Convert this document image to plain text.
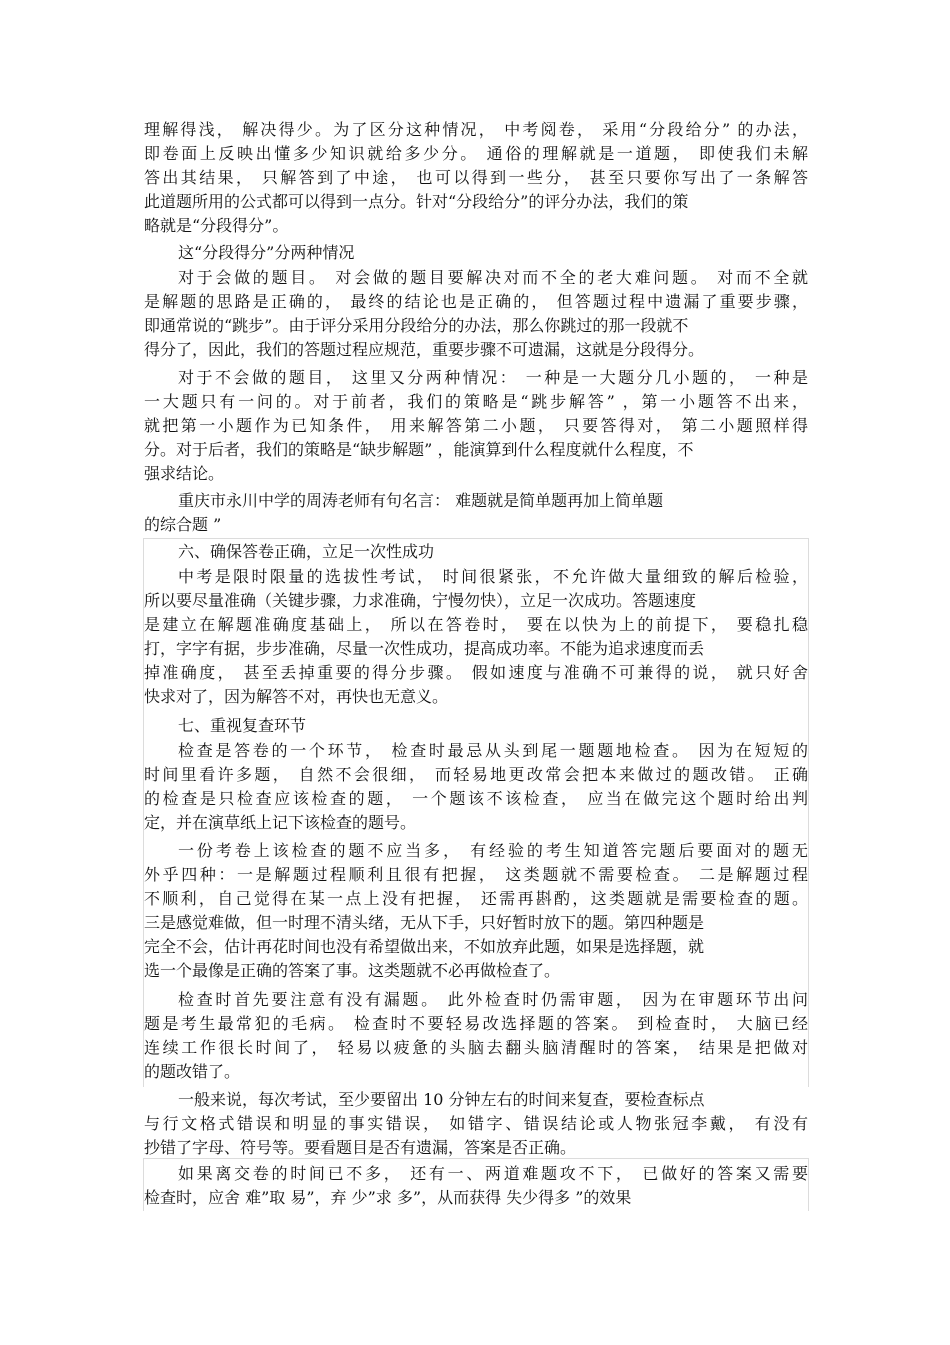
理解得浅， 解决得少。为了区分这种情况， 中考阅卷， 采用“分段给分” 的办法，
即卷面上反映出懂多少知识就给多少分。 通俗的理解就是一道题， 即使我们未解
答出其结果， 只解答到了中途， 也可以得到一些分， 甚至只要你写出了一条解答
此道题所用的公式都可以得到一点分。针对“分段给分”的评分办法，我们的策
略就是“分段得分”。
这“分段得分”分两种情况
对于会做的题目。 对会做的题目要解决对而不全的老大难问题。 对而不全就
是解题的思路是正确的， 最终的结论也是正确的， 但答题过程中遗漏了重要步骤，
即通常说的“跳步”。由于评分采用分段给分的办法，那么你跳过的那一段就不
得分了，因此，我们的答题过程应规范，重要步骤不可遗漏，这就是分段得分。
对于不会做的题目， 这里又分两种情况： 一种是一大题分几小题的， 一种是
一大题只有一问的。对于前者，我们的策略是“跳步解答” ，第一小题答不出来，
就把第一小题作为已知条件， 用来解答第二小题， 只要答得对， 第二小题照样得
分。对于后者，我们的策略是“缺步解题” ，能演算到什么程度就什么程度，不
强求结论。
重庆市永川中学的周涛老师有句名言： 难题就是简单题再加上简单题
的综合题 ”
六、确保答卷正确，立足一次性成功
中考是限时限量的选拔性考试， 时间很紧张，不允许做大量细致的解后检验，
所以要尽量准确（关键步骤，力求准确，宁慢勿快），立足一次成功。答题速度
是建立在解题准确度基础上， 所以在答卷时， 要在以快为上的前提下， 要稳扎稳
打，字字有据，步步准确，尽量一次性成功，提高成功率。不能为追求速度而丢
掉准确度， 甚至丢掉重要的得分步骤。 假如速度与准确不可兼得的说， 就只好舍
快求对了，因为解答不对，再快也无意义。
七、重视复查环节
检查是答卷的一个环节， 检查时最忌从头到尾一题题地检查。 因为在短短的
时间里看许多题， 自然不会很细， 而轻易地更改常会把本来做过的题改错。 正确
的检查是只检查应该检查的题， 一个题该不该检查， 应当在做完这个题时给出判
定，并在演草纸上记下该检查的题号。
一份考卷上该检查的题不应当多， 有经验的考生知道答完题后要面对的题无
外乎四种：一是解题过程顺利且很有把握， 这类题就不需要检查。 二是解题过程
不顺利，自己觉得在某一点上没有把握， 还需再斟酌，这类题就是需要检查的题。
三是感觉难做，但一时理不清头绪，无从下手，只好暂时放下的题。第四种题是
完全不会，估计再花时间也没有希望做出来，不如放弃此题，如果是选择题，就
选一个最像是正确的答案了事。这类题就不必再做检查了。
检查时首先要注意有没有漏题。 此外检查时仍需审题， 因为在审题环节出问
题是考生最常犯的毛病。 检查时不要轻易改选择题的答案。 到检查时， 大脑已经
连续工作很长时间了， 轻易以疲惫的头脑去翻头脑清醒时的答案， 结果是把做对
的题改错了。
一般来说，每次考试，至少要留出 10 分钟左右的时间来复查，要检查标点
与行文格式错误和明显的事实错误， 如错字、错误结论或人物张冠李戴， 有没有
抄错了字母、符号等。要看题目是否有遗漏，答案是否正确。
如果离交卷的时间已不多， 还有一、两道难题攻不下， 已做好的答案又需要
检查时，应舍 难”取 易”，弃 少”求 多”，从而获得 失少得多 ”的效果
